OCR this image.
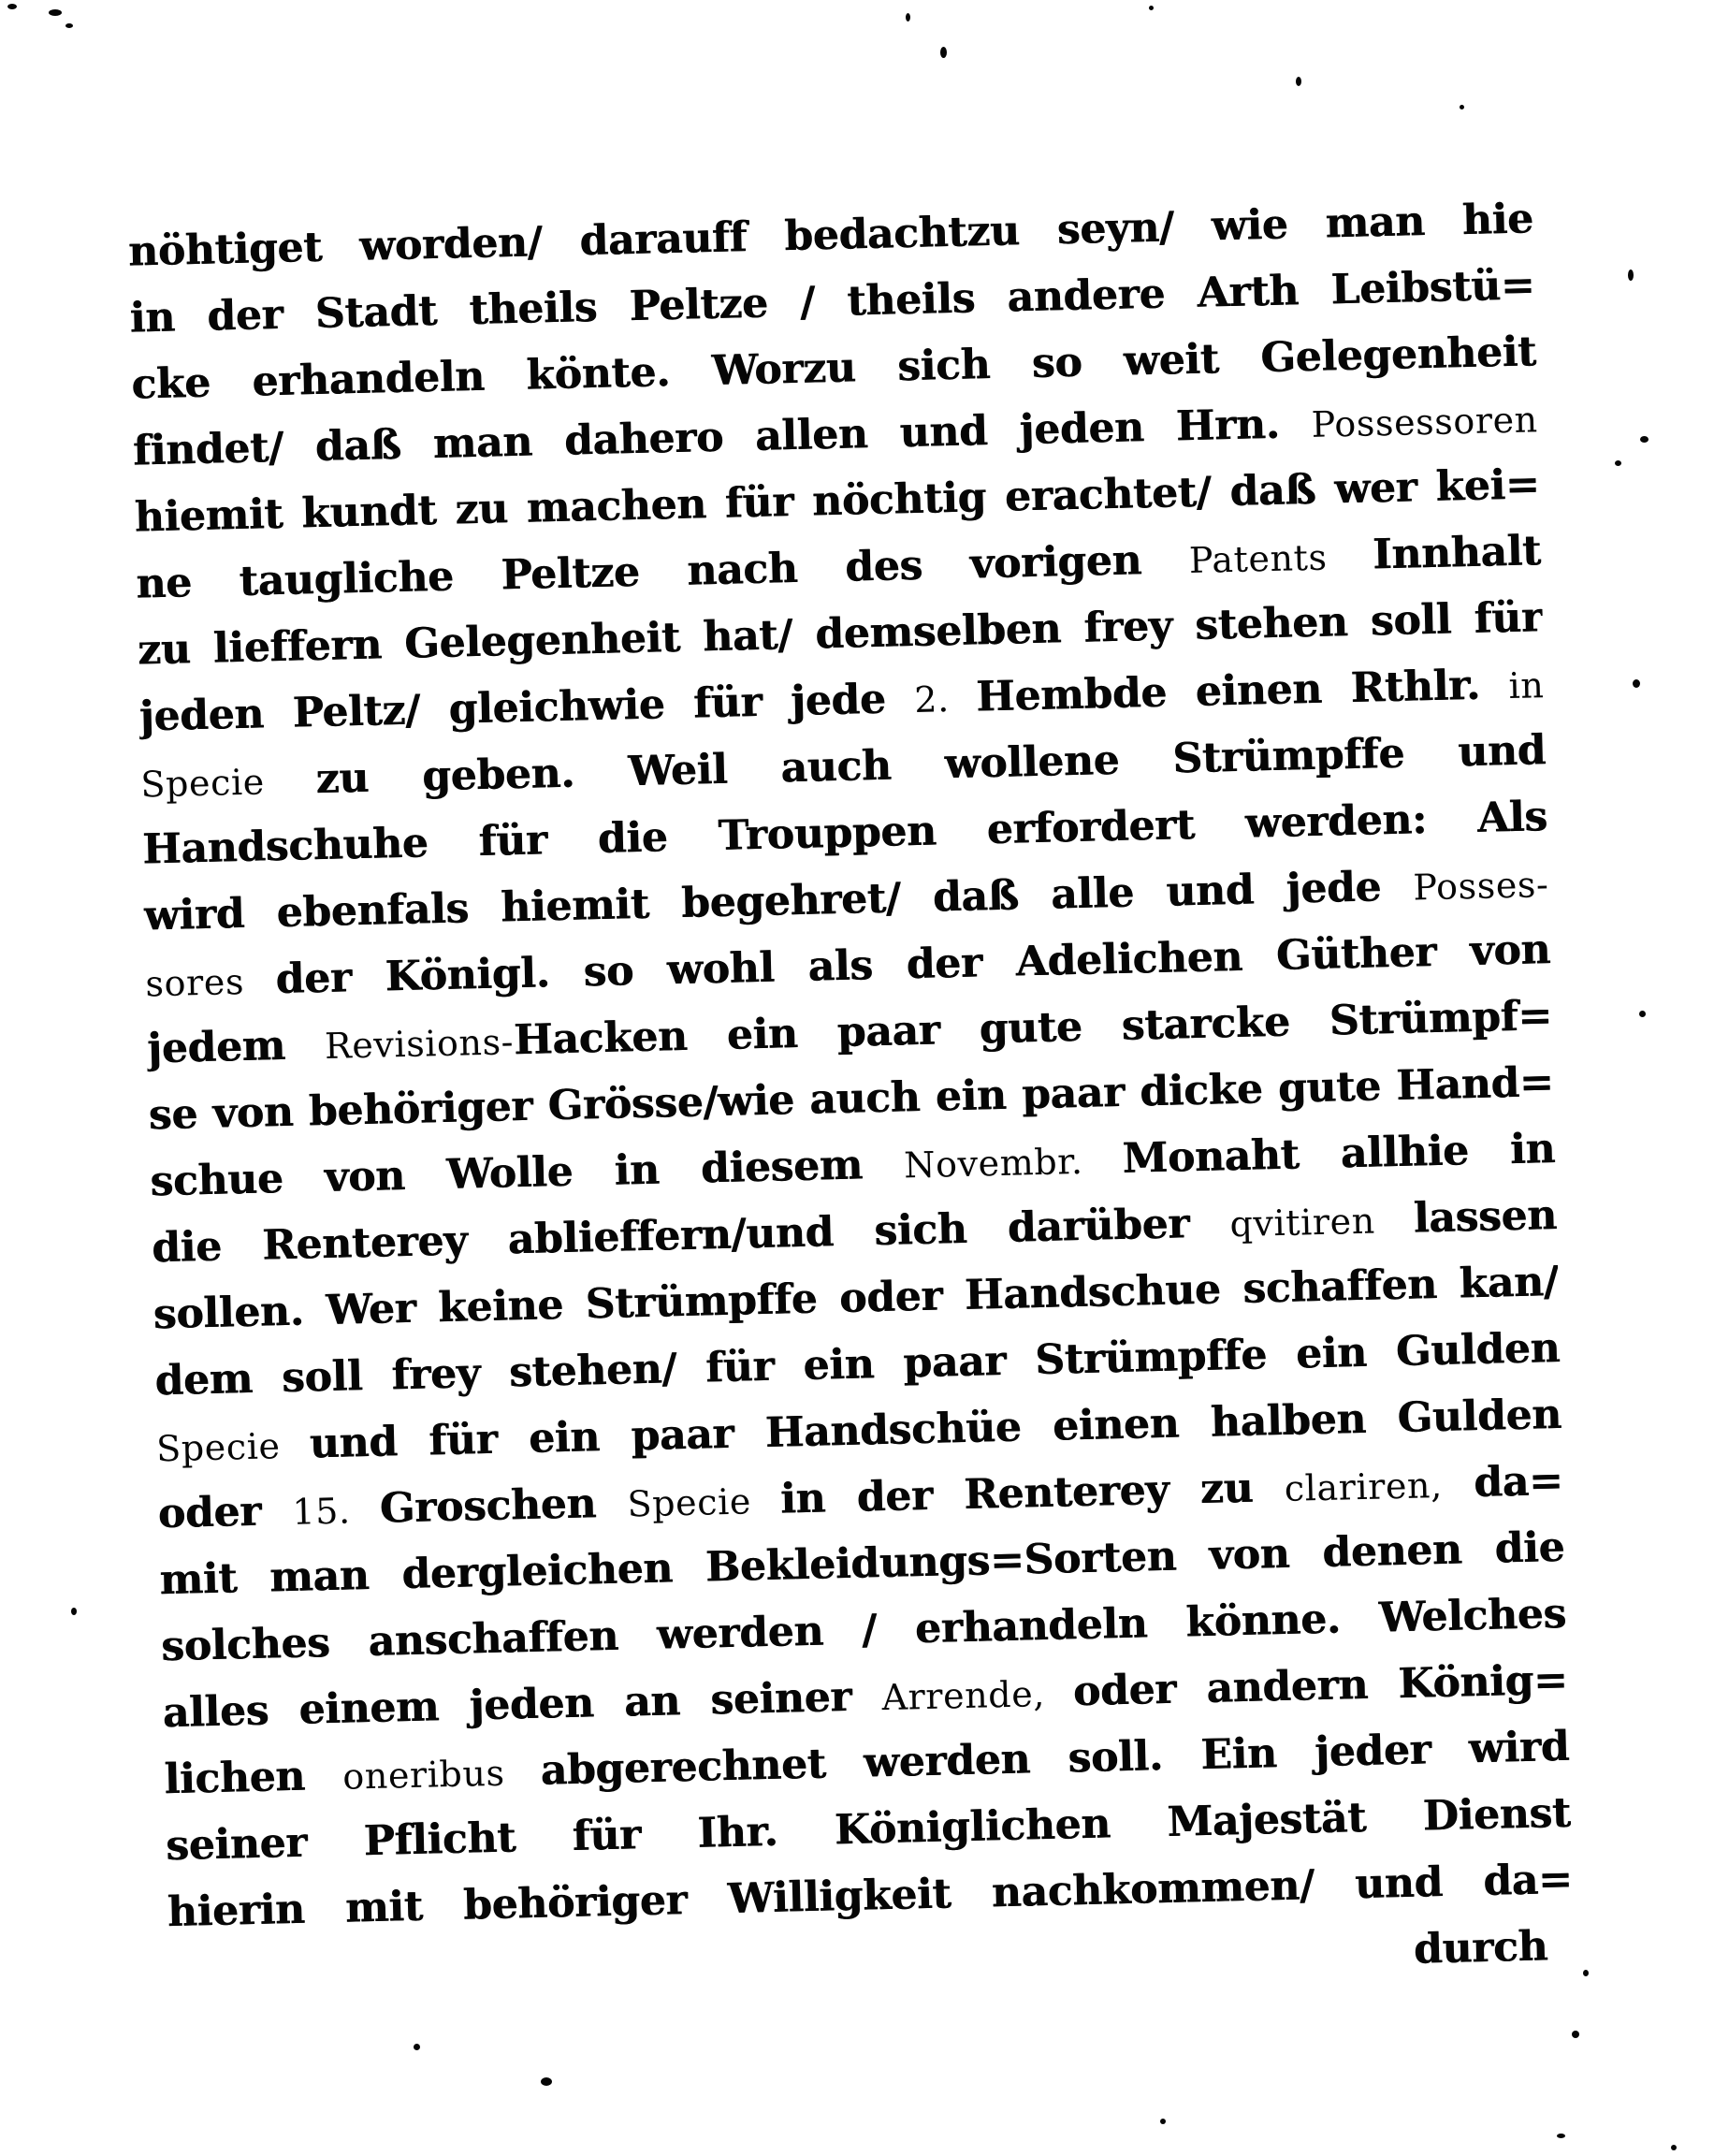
nöhtiget worden/ darauff bedachtzu seyn/ wie man hie
in der Stadt theils Peltze / theils andere Arth Leibstü=
cke erhandeln könte. Worzu sich so weit Gelegenheit
findet/ daß man dahero allen und jeden Hrn. Possessoren
hiemit kundt zu machen für nöchtig erachtet/ daß wer kei=
ne taugliche Peltze nach des vorigen Patents Innhalt
zu lieffern Gelegenheit hat/ demselben frey stehen soll für
jeden Peltz/ gleichwie für jede 2. Hembde einen Rthlr. in
Specie zu geben. Weil auch wollene Strümpffe und
Handschuhe für die Trouppen erfordert werden: Als
wird ebenfals hiemit begehret/ daß alle und jede Posses-
sores der Königl. so wohl als der Adelichen Güther von
jedem Revisions-Hacken ein paar gute starcke Strümpf=
se von behöriger Grösse/wie auch ein paar dicke gute Hand=
schue von Wolle in diesem Novembr. Monaht allhie in
die Renterey ablieffern/und sich darüber qvitiren lassen
sollen. Wer keine Strümpffe oder Handschue schaffen kan/
dem soll frey stehen/ für ein paar Strümpffe ein Gulden
Specie und für ein paar Handschüe einen halben Gulden
oder 15. Groschen Specie in der Renterey zu clariren, da=
mit man dergleichen Bekleidungs=Sorten von denen die
solches anschaffen werden / erhandeln könne. Welches
alles einem jeden an seiner Arrende, oder andern König=
lichen oneribus abgerechnet werden soll. Ein jeder wird
seiner Pflicht für Ihr. Königlichen Majestät Dienst
hierin mit behöriger Willigkeit nachkommen/ und da=
durch
